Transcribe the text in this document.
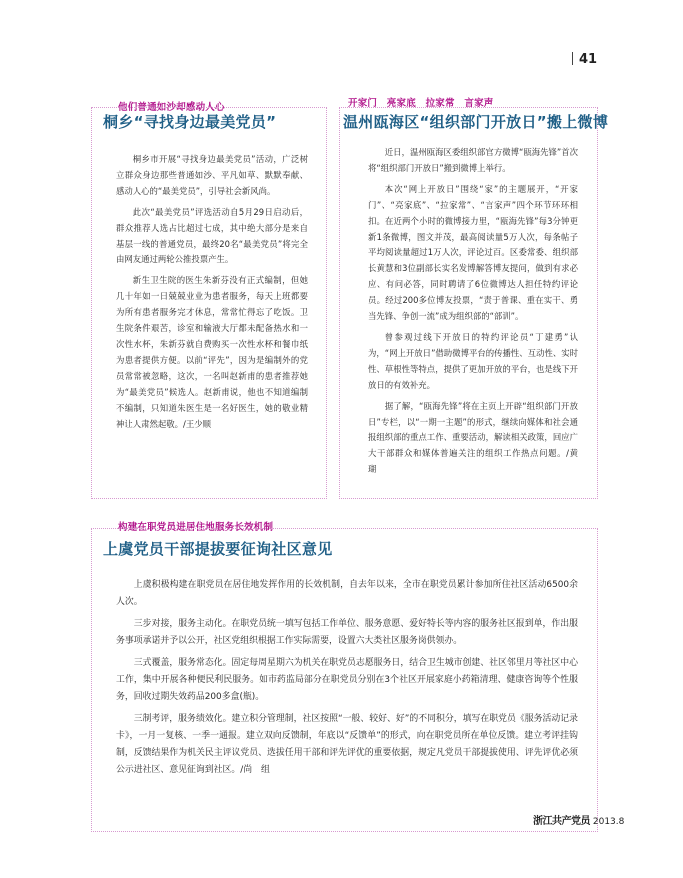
41
他们普通如沙却感动人心
桐乡“寻找身边最美党员”

桐乡市开展“寻找身边最美党员”活动，广泛树立群众身边那些普通如沙、平凡如草、默默奉献、感动人心的“最美党员”，引导社会新风尚。

此次“最美党员”评选活动自5月29日启动后，群众推荐人选占比超过七成，其中绝大部分是来自基层一线的普通党员，最终20名“最美党员”将完全由网友通过两轮公推投票产生。

新生卫生院的医生朱新芬没有正式编制，但她几十年如一日兢兢业业为患者服务，每天上班都要为所有患者服务完才休息，常常忙得忘了吃饭。卫生院条件艰苦，诊室和输液大厅都未配备热水和一次性水杯，朱新芬就自费购买一次性水杯和餐巾纸为患者提供方便。以前“评先”，因为是编制外的党员常常被忽略，这次，一名叫赵新甫的患者推荐她为“最美党员”候选人。赵新甫说，他也不知道编制不编制，只知道朱医生是一名好医生，她的敬业精神让人肃然起敬。/王少顺

开家门　亮家底　拉家常　言家声
温州瓯海区“组织部门开放日”搬上微博

近日，温州瓯海区委组织部官方微博“瓯海先锋”首次将“组织部门开放日”搬到微博上举行。

本次“网上开放日”围绕“家”的主题展开，“开家门”、“亮家底”、“拉家常”、“言家声”四个环节环环相扣。在近两个小时的微博接力里，“瓯海先锋”每3分钟更新1条微博，图文并茂，最高阅读量5万人次，每条帖子平均阅读量超过1万人次，评论过百。区委常委、组织部长黄慧和3位副部长实名发博解答博友提问，做到有求必应、有问必答，同时聘请了6位微博达人担任特约评论员。经过200多位博友投票，“责于普课、重在实干、勇当先锋、争创一流”成为组织部的“部训”。

曾参观过线下开放日的特约评论员“丁建勇”认为，“网上开放日”借助微博平台的传播性、互动性、实时性、草根性等特点，提供了更加开放的平台，也是线下开放日的有效补充。

据了解，“瓯海先锋”将在主页上开辟“组织部门开放日”专栏，以“一期一主题”的形式，继续向媒体和社会通报组织部的重点工作、重要活动，解读相关政策，回应广大干部群众和媒体普遍关注的组织工作热点问题。/黄　瑚

构建在职党员进居住地服务长效机制
上虞党员干部提拔要征询社区意见

上虞积极构建在职党员在居住地发挥作用的长效机制，自去年以来，全市在职党员累计参加所住社区活动6500余人次。

三步对接，服务主动化。在职党员统一填写包括工作单位、服务意愿、爱好特长等内容的服务社区报到单，作出服务事项承诺并予以公开，社区党组织根据工作实际需要，设置六大类社区服务岗供领办。

三式覆盖，服务常态化。固定每周星期六为机关在职党员志愿服务日，结合卫生城市创建、社区邻里月等社区中心工作，集中开展各种便民利民服务。如市药监局部分在职党员分别在3个社区开展家庭小药箱清理、健康咨询等个性服务，回收过期失效药品200多盒(瓶)。

三制考评，服务绩效化。建立积分管理制，社区按照“一般、较好、好”的不同积分，填写在职党员《服务活动记录卡》，一月一复核、一季一通报。建立双向反馈制，年底以“反馈单”的形式，向在职党员所在单位反馈。建立考评挂钩制，反馈结果作为机关民主评议党员、选拔任用干部和评先评优的重要依据，规定凡党员干部提拔使用、评先评优必须公示进社区、意见征询到社区。/尚　组

浙江共产党员 2013.8
